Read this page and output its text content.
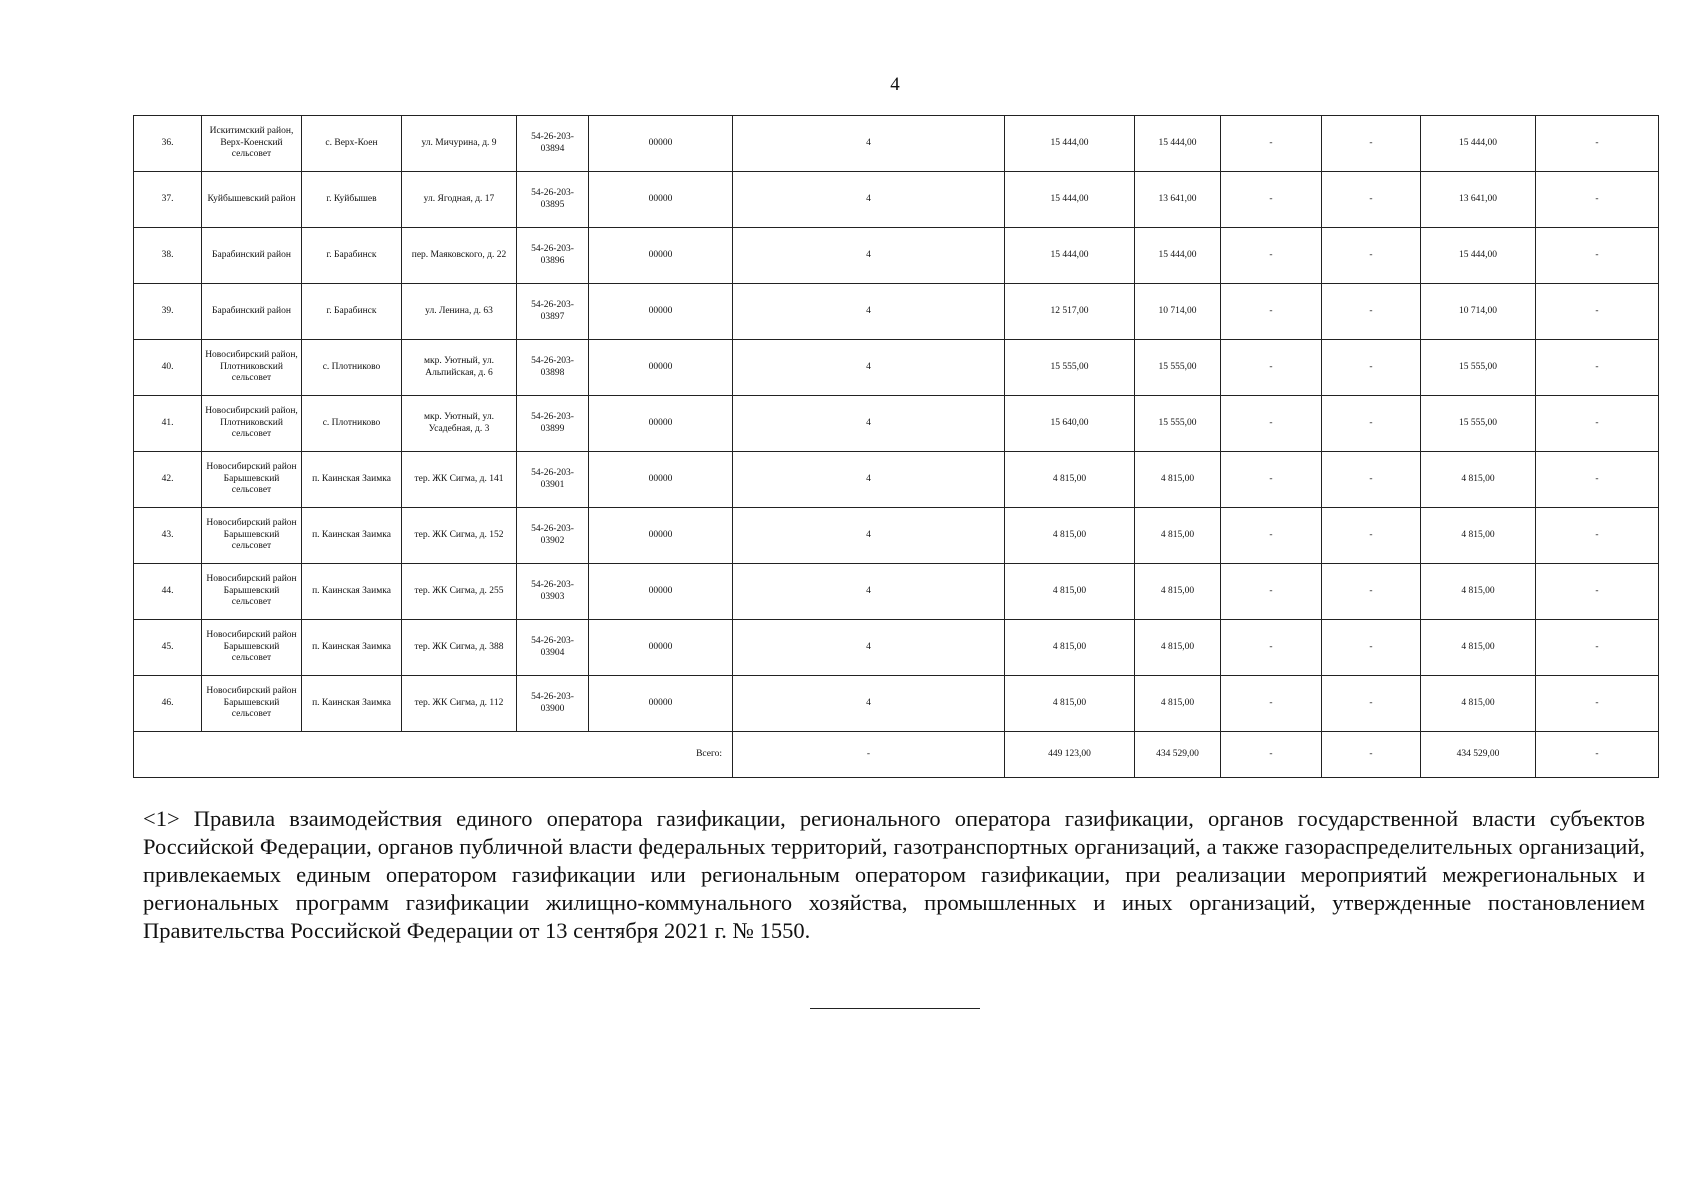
4
36.	Искитимский район, Верх-Коенский сельсовет	с. Верх-Коен	ул. Мичурина, д. 9	54-26-203-03894	00000	4	15 444,00	15 444,00	-	-	15 444,00	-
37.	Куйбышевский район	г. Куйбышев	ул. Ягодная, д. 17	54-26-203-03895	00000	4	15 444,00	13 641,00	-	-	13 641,00	-
38.	Барабинский район	г. Барабинск	пер. Маяковского, д. 22	54-26-203-03896	00000	4	15 444,00	15 444,00	-	-	15 444,00	-
39.	Барабинский район	г. Барабинск	ул. Ленина, д. 63	54-26-203-03897	00000	4	12 517,00	10 714,00	-	-	10 714,00	-
40.	Новосибирский район, Плотниковский сельсовет	с. Плотниково	мкр. Уютный, ул. Альпийская, д. 6	54-26-203-03898	00000	4	15 555,00	15 555,00	-	-	15 555,00	-
41.	Новосибирский район, Плотниковский сельсовет	с. Плотниково	мкр. Уютный, ул. Усадебная, д. 3	54-26-203-03899	00000	4	15 640,00	15 555,00	-	-	15 555,00	-
42.	Новосибирский район Барышевский сельсовет	п. Каинская Заимка	тер. ЖК Сигма, д. 141	54-26-203-03901	00000	4	4 815,00	4 815,00	-	-	4 815,00	-
43.	Новосибирский район Барышевский сельсовет	п. Каинская Заимка	тер. ЖК Сигма, д. 152	54-26-203-03902	00000	4	4 815,00	4 815,00	-	-	4 815,00	-
44.	Новосибирский район Барышевский сельсовет	п. Каинская Заимка	тер. ЖК Сигма, д. 255	54-26-203-03903	00000	4	4 815,00	4 815,00	-	-	4 815,00	-
45.	Новосибирский район Барышевский сельсовет	п. Каинская Заимка	тер. ЖК Сигма, д. 388	54-26-203-03904	00000	4	4 815,00	4 815,00	-	-	4 815,00	-
46.	Новосибирский район Барышевский сельсовет	п. Каинская Заимка	тер. ЖК Сигма, д. 112	54-26-203-03900	00000	4	4 815,00	4 815,00	-	-	4 815,00	-
Всего:						-	449 123,00	434 529,00	-	-	434 529,00	-
<1> Правила взаимодействия единого оператора газификации, регионального оператора газификации, органов государственной власти субъектов Российской Федерации, органов публичной власти федеральных территорий, газотранспортных организаций, а также газораспределительных организаций, привлекаемых единым оператором газификации или региональным оператором газификации, при реализации мероприятий межрегиональных и региональных программ газификации жилищно-коммунального хозяйства, промышленных и иных организаций, утвержденные постановлением Правительства Российской Федерации от 13 сентября 2021 г. № 1550.
